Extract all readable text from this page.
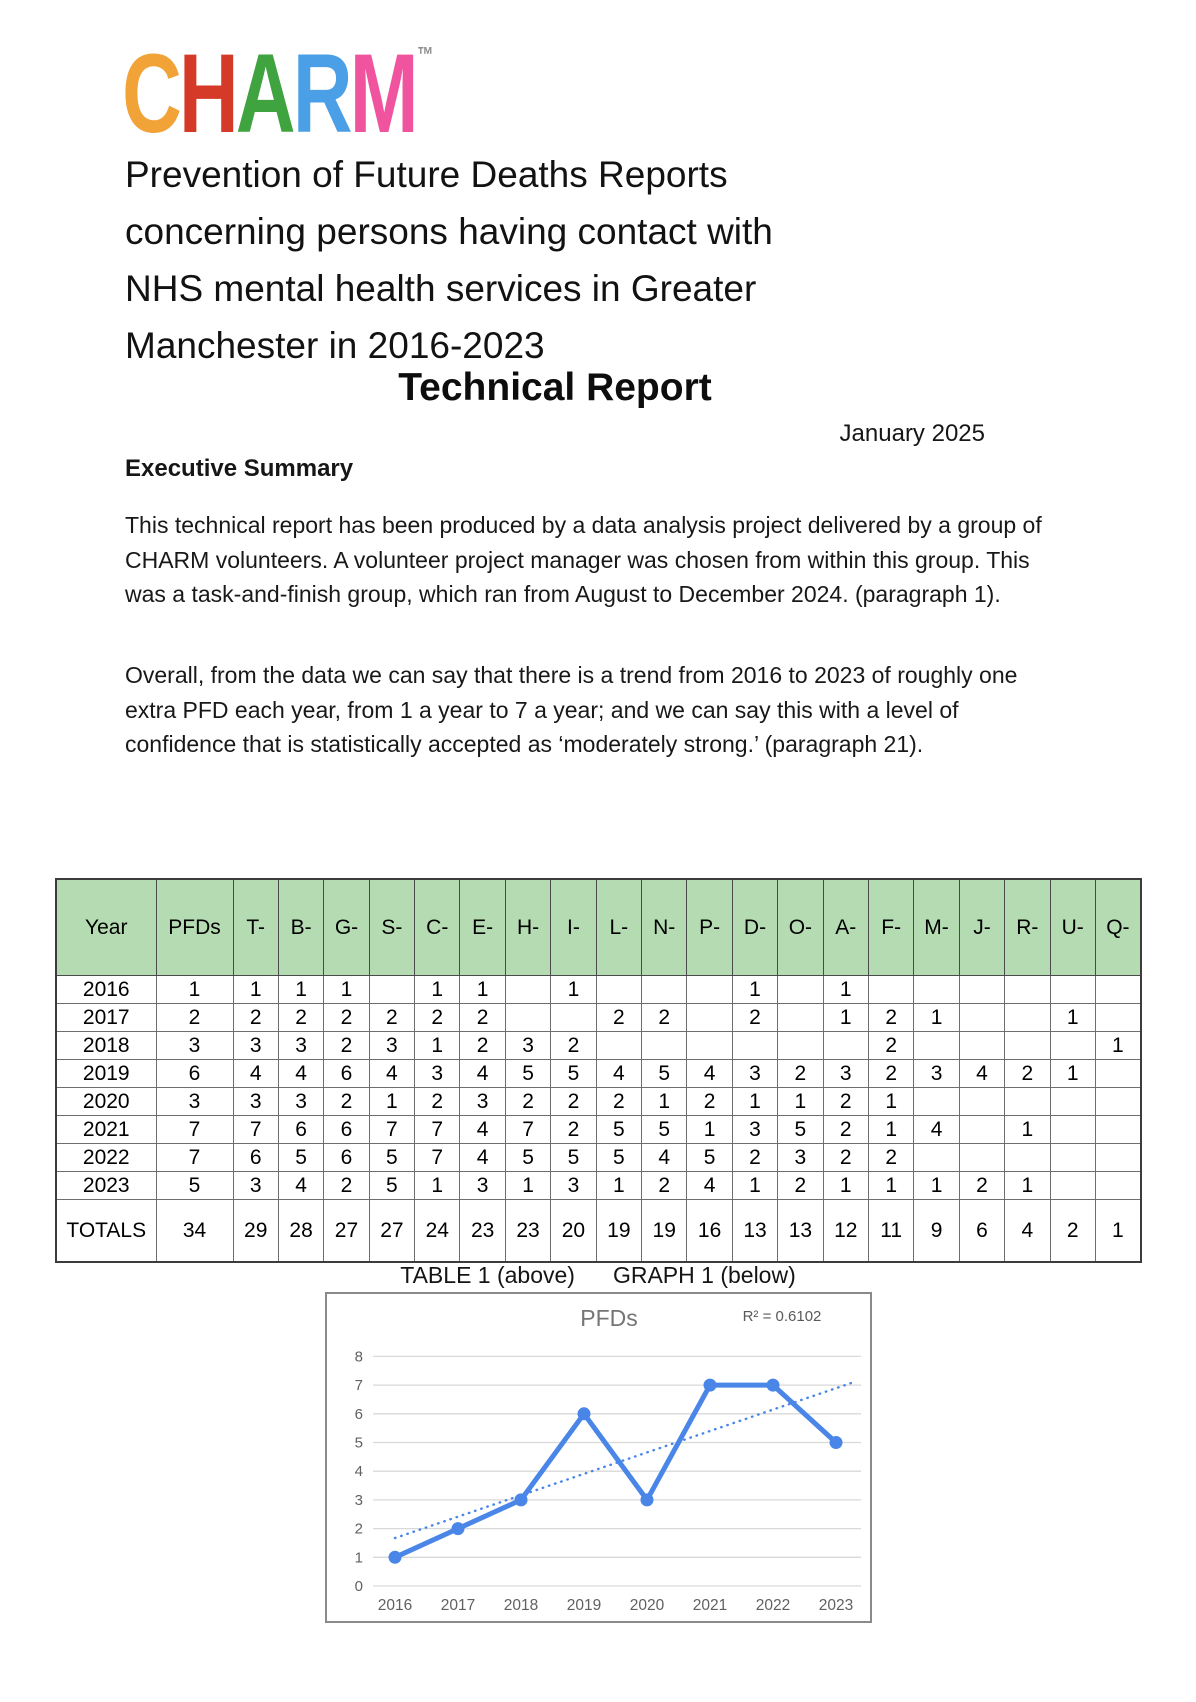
CHARM™
Prevention of Future Deaths Reports
concerning persons having contact with
NHS mental health services in Greater
Manchester in 2016-2023
Technical Report
January 2025
Executive Summary
This technical report has been produced by a data analysis project delivered by a group of CHARM volunteers. A volunteer project manager was chosen from within this group. This was a task-and-finish group, which ran from August to December 2024. (paragraph 1).
Overall, from the data we can say that there is a trend from 2016 to 2023 of roughly one extra PFD each year, from 1 a year to 7 a year; and we can say this with a level of confidence that is statistically accepted as ‘moderately strong.’ (paragraph 21).
Year	PFDs	T-	B-	G-	S-	C-	E-	H-	I-	L-	N-	P-	D-	O-	A-	F-	M-	J-	R-	U-	Q-
2016	1	1	1	1		1	1		1				1		1						
2017	2	2	2	2	2	2	2			2	2		2		1	2	1			1	
2018	3	3	3	2	3	1	2	3	2							2					1
2019	6	4	4	6	4	3	4	5	5	4	5	4	3	2	3	2	3	4	2	1	
2020	3	3	3	2	1	2	3	2	2	2	1	2	1	1	2	1					
2021	7	7	6	6	7	7	4	7	2	5	5	1	3	5	2	1	4		1		
2022	7	6	5	6	5	7	4	5	5	5	4	5	2	3	2	2					
2023	5	3	4	2	5	1	3	1	3	1	2	4	1	2	1	1	1	2	1		
TOTALS	34	29	28	27	27	24	23	23	20	19	19	16	13	13	12	11	9	6	4	2	1
TABLE 1 (above) GRAPH 1 (below)
0
1
2
3
4
5
6
7
8
2016 2017 2018 2019 2020 2021 2022 2023
PFDs	R² = 0.6102
